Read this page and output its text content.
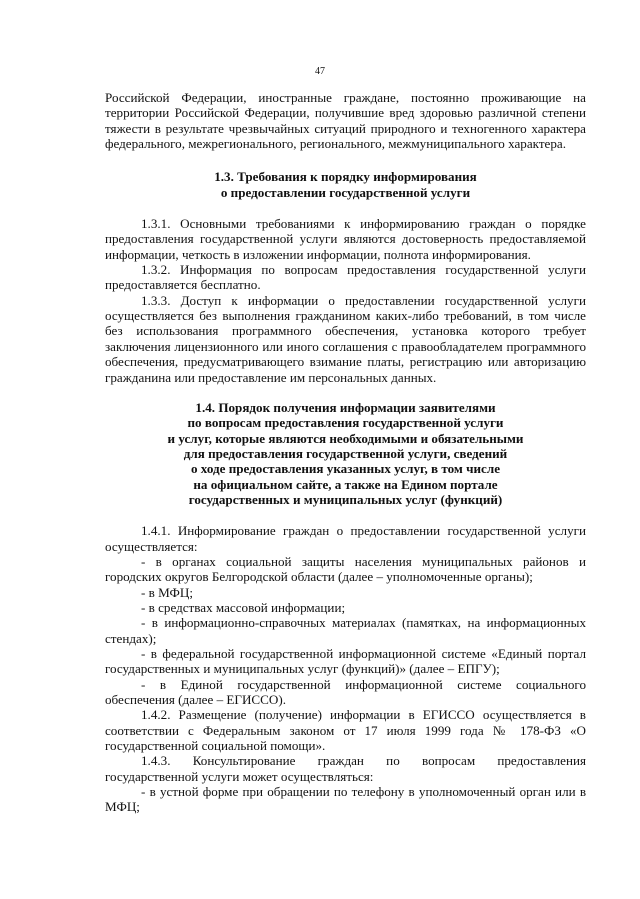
47

Российской Федерации, иностранные граждане, постоянно проживающие на территории Российской Федерации, получившие вред здоровью различной степени тяжести в результате чрезвычайных ситуаций природного и техногенного характера федерального, межрегионального, регионального, межмуниципального характера.

1.3. Требования к порядку информирования
о предоставлении государственной услуги

1.3.1. Основными требованиями к информированию граждан о порядке предоставления государственной услуги являются достоверность предоставляемой информации, четкость в изложении информации, полнота информирования.

1.3.2. Информация по вопросам предоставления государственной услуги предоставляется бесплатно.

1.3.3. Доступ к информации о предоставлении государственной услуги осуществляется без выполнения гражданином каких-либо требований, в том числе без использования программного обеспечения, установка которого требует заключения лицензионного или иного соглашения с правообладателем программного обеспечения, предусматривающего взимание платы, регистрацию или авторизацию гражданина или предоставление им персональных данных.

1.4. Порядок получения информации заявителями
по вопросам предоставления государственной услуги
и услуг, которые являются необходимыми и обязательными
для предоставления государственной услуги, сведений
о ходе предоставления указанных услуг, в том числе
на официальном сайте, а также на Едином портале
государственных и муниципальных услуг (функций)

1.4.1. Информирование граждан о предоставлении государственной услуги осуществляется:

- в органах социальной защиты населения муниципальных районов и городских округов Белгородской области (далее – уполномоченные органы);

- в МФЦ;

- в средствах массовой информации;

- в информационно-справочных материалах (памятках, на информационных стендах);

- в федеральной государственной информационной системе «Единый портал государственных и муниципальных услуг (функций)» (далее – ЕПГУ);

- в Единой государственной информационной системе социального обеспечения (далее – ЕГИССО).

1.4.2. Размещение (получение) информации в ЕГИССО осуществляется в соответствии с Федеральным законом от 17 июля 1999 года № 178-ФЗ «О государственной социальной помощи».

1.4.3. Консультирование граждан по вопросам предоставления государственной услуги может осуществляться:

- в устной форме при обращении по телефону в уполномоченный орган или в МФЦ;
